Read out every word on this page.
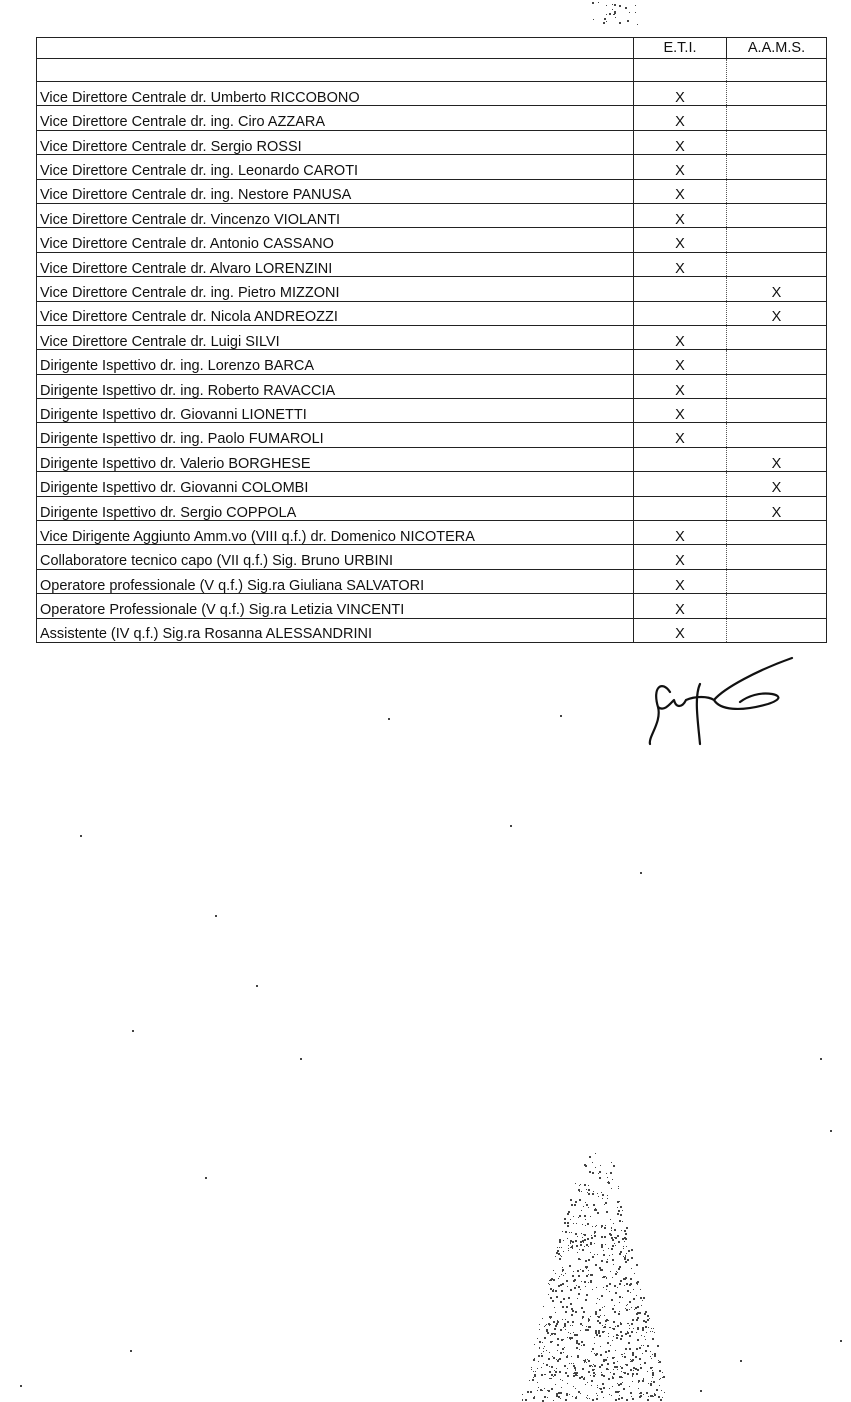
	E.T.I.	A.A.M.S.

Vice Direttore Centrale dr. Umberto RICCOBONO	X	
Vice Direttore Centrale dr. ing. Ciro AZZARA	X	
Vice Direttore Centrale dr. Sergio ROSSI	X	
Vice Direttore Centrale dr. ing. Leonardo CAROTI	X	
Vice Direttore Centrale dr. ing. Nestore PANUSA	X	
Vice Direttore Centrale dr. Vincenzo VIOLANTI	X	
Vice Direttore Centrale dr. Antonio CASSANO	X	
Vice Direttore Centrale dr. Alvaro LORENZINI	X	
Vice Direttore Centrale dr. ing. Pietro MIZZONI		X
Vice Direttore Centrale dr. Nicola ANDREOZZI		X
Vice Direttore Centrale dr. Luigi SILVI	X	
Dirigente Ispettivo dr. ing. Lorenzo BARCA	X	
Dirigente Ispettivo dr. ing. Roberto RAVACCIA	X	
Dirigente Ispettivo dr. Giovanni LIONETTI	X	
Dirigente Ispettivo dr. ing. Paolo FUMAROLI	X	
Dirigente Ispettivo dr. Valerio BORGHESE		X
Dirigente Ispettivo dr. Giovanni COLOMBI		X
Dirigente Ispettivo dr. Sergio COPPOLA		X
Vice Dirigente Aggiunto Amm.vo (VIII q.f.) dr. Domenico NICOTERA	X	
Collaboratore tecnico capo (VII q.f.) Sig. Bruno URBINI	X	
Operatore professionale (V q.f.) Sig.ra Giuliana SALVATORI	X	
Operatore Professionale (V q.f.) Sig.ra Letizia VINCENTI	X	
Assistente (IV q.f.) Sig.ra Rosanna ALESSANDRINI	X	
